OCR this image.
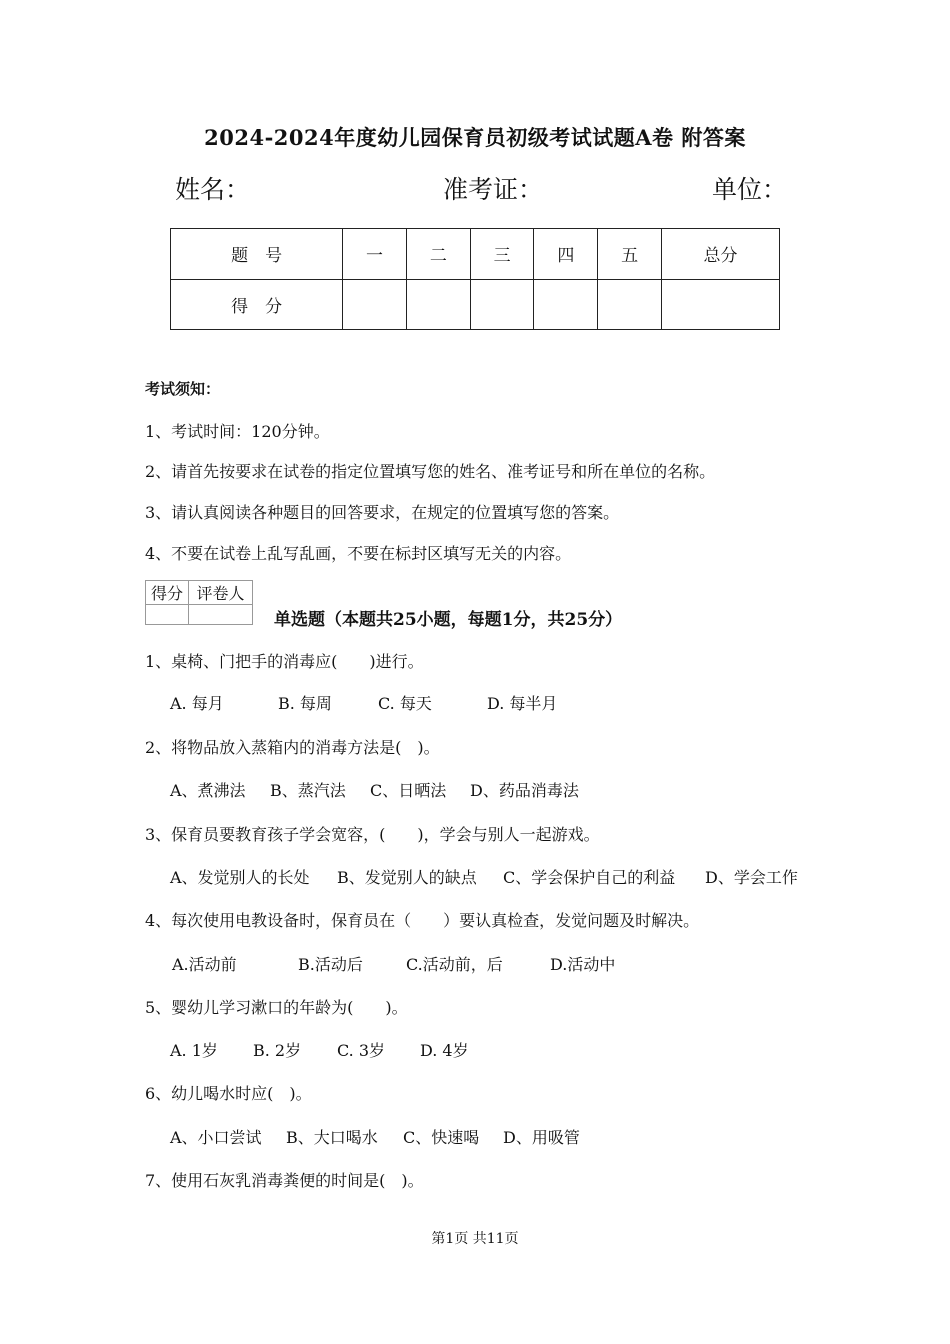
2024-2024年度幼儿园保育员初级考试试题A卷 附答案
姓名：	准考证：	单位：
题　号	一	二	三	四	五	总分
得　分						
考试须知：
1、考试时间：120分钟。
2、请首先按要求在试卷的指定位置填写您的姓名、准考证号和所在单位的名称。
3、请认真阅读各种题目的回答要求，在规定的位置填写您的答案。
4、不要在试卷上乱写乱画，不要在标封区填写无关的内容。
得分	评卷人

单选题（本题共25小题，每题1分，共25分）
1、桌椅、门把手的消毒应(　　)进行。
A. 每月	B. 每周	C. 每天	D. 每半月
2、将物品放入蒸箱内的消毒方法是(　)。
A、煮沸法 B、蒸汽法 C、日晒法 D、药品消毒法
3、保育员要教育孩子学会宽容，(　　)，学会与别人一起游戏。
A、发觉别人的长处 B、发觉别人的缺点 C、学会保护自己的利益 D、学会工作
4、每次使用电教设备时，保育员在（　　）要认真检查，发觉问题及时解决。
A.活动前	B.活动后	C.活动前，后	D.活动中
5、婴幼儿学习漱口的年龄为(　　)。
A. 1岁 B. 2岁 C. 3岁 D. 4岁
6、幼儿喝水时应(　)。
A、小口尝试 B、大口喝水 C、快速喝 D、用吸管
7、使用石灰乳消毒粪便的时间是(　)。
第1页 共11页
